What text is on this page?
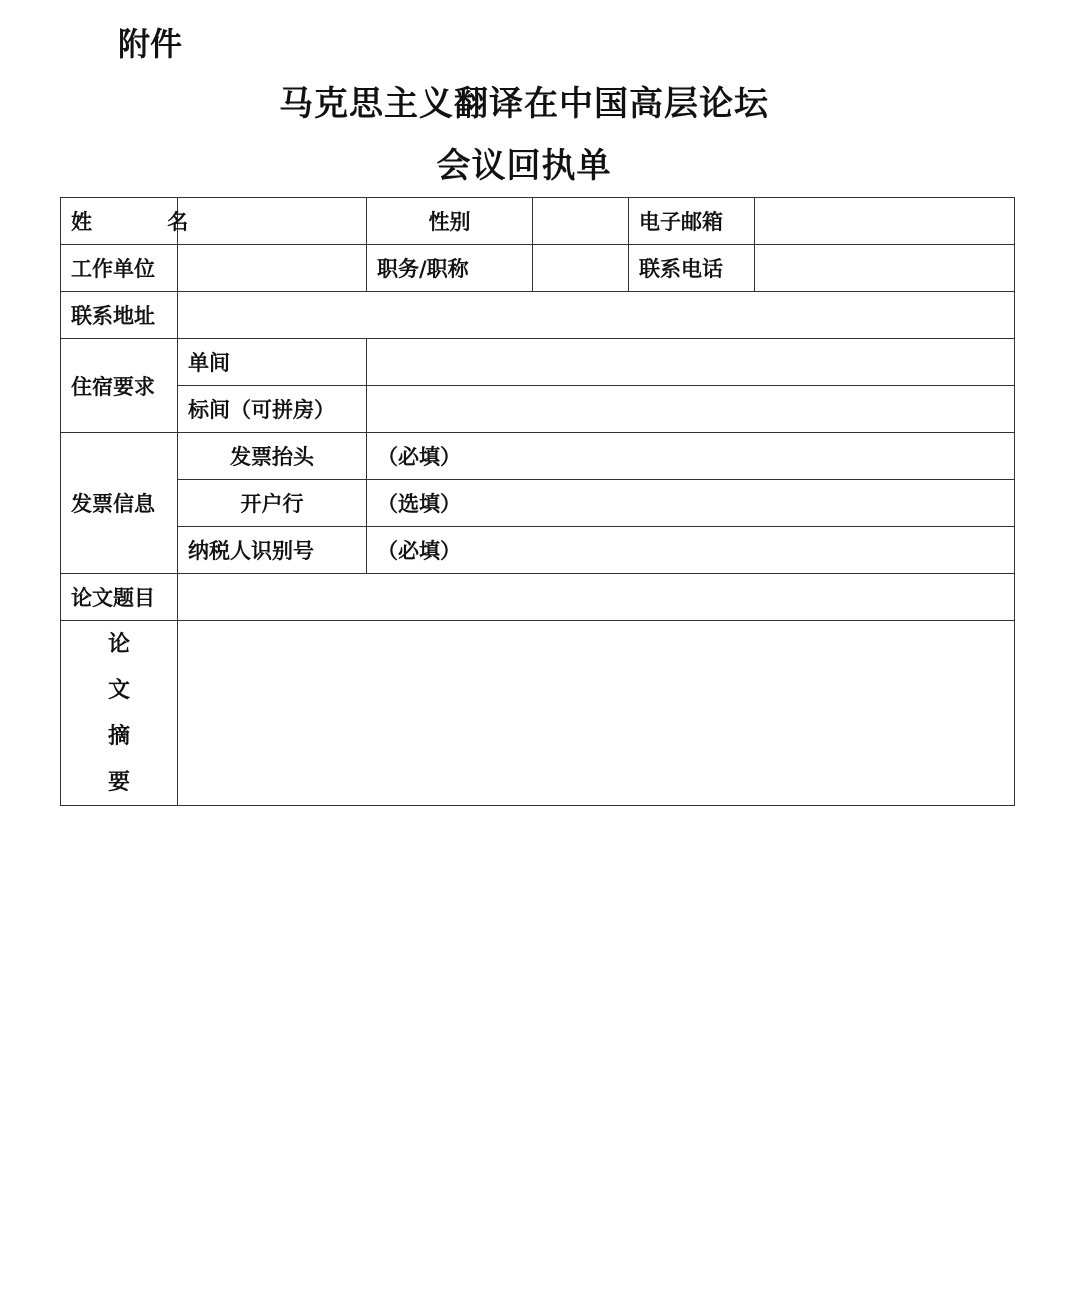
附件
马克思主义翻译在中国高层论坛
会议回执单
姓 名		性别		电子邮箱	
工作单位		职务/职称		联系电话	
联系地址					
住宿要求	单间				
	标间（可拼房）				
发票信息	发票抬头	（必填）			
	开户行	（选填）			
	纳税人识别号	（必填）			
论文题目					
论文摘要					
